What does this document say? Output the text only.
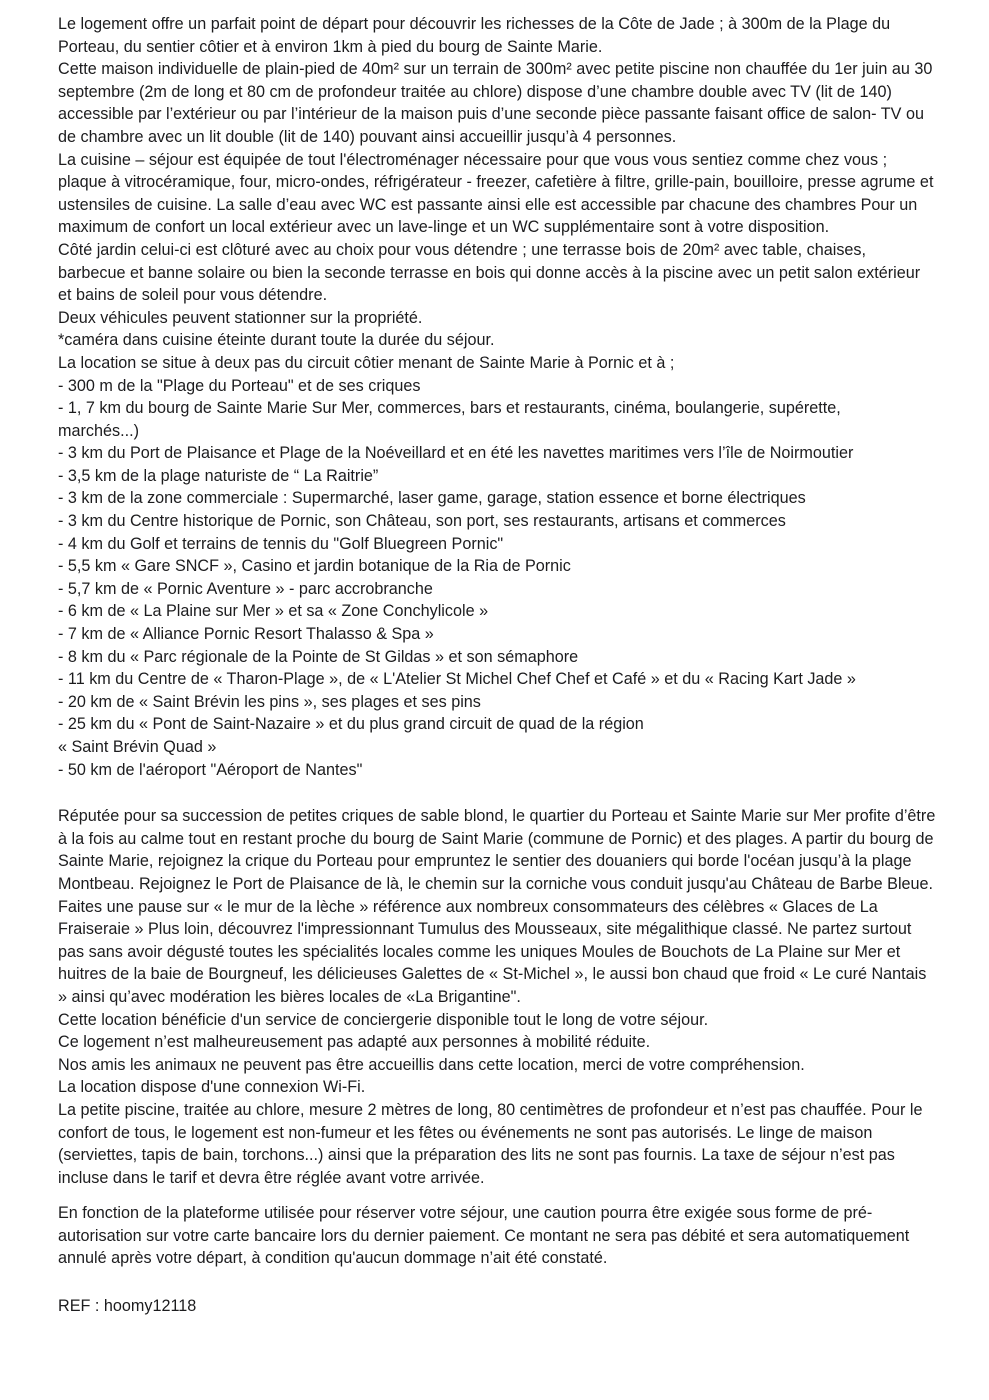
Le logement offre un parfait point de départ pour découvrir les richesses de la Côte de Jade ; à 300m de la Plage du Porteau, du sentier côtier et à environ 1km à pied du bourg de Sainte Marie.

Cette maison individuelle de plain-pied de 40m² sur un terrain de 300m² avec petite piscine non chauffée du 1er juin au 30 septembre (2m de long et 80 cm de profondeur traitée au chlore) dispose d’une chambre double avec TV (lit de 140) accessible par l’extérieur ou par l’intérieur de la maison puis d’une seconde pièce passante faisant office de salon- TV ou de chambre avec un lit double (lit de 140) pouvant ainsi accueillir jusqu’à 4 personnes.

La cuisine – séjour est équipée de tout l'électroménager nécessaire pour que vous vous sentiez comme chez vous ; plaque à vitrocéramique, four, micro-ondes, réfrigérateur - freezer, cafetière à filtre, grille-pain, bouilloire, presse agrume et ustensiles de cuisine. La salle d’eau avec WC est passante ainsi elle est accessible par chacune des chambres Pour un maximum de confort un local extérieur avec un lave-linge et un WC supplémentaire sont à votre disposition.

Côté jardin celui-ci est clôturé avec au choix pour vous détendre ; une terrasse bois de 20m² avec table, chaises, barbecue et banne solaire ou bien la seconde terrasse en bois qui donne accès à la piscine avec un petit salon extérieur et bains de soleil pour vous détendre.

Deux véhicules peuvent stationner sur la propriété.

*caméra dans cuisine éteinte durant toute la durée du séjour.

La location se situe à deux pas du circuit côtier menant de Sainte Marie à Pornic et à ;

- 300 m de la "Plage du Porteau" et de ses criques

- 1, 7 km du bourg de Sainte Marie Sur Mer, commerces, bars et restaurants, cinéma, boulangerie, supérette,

marchés...)

- 3 km du Port de Plaisance et Plage de la Noéveillard et en été les navettes maritimes vers l’île de Noirmoutier

- 3,5 km de la plage naturiste de “ La Raitrie”

- 3 km de la zone commerciale : Supermarché, laser game, garage, station essence et borne électriques

- 3 km du Centre historique de Pornic, son Château, son port, ses restaurants, artisans et commerces

- 4 km du Golf et terrains de tennis du "Golf Bluegreen Pornic"

- 5,5 km « Gare SNCF », Casino et jardin botanique de la Ria de Pornic

- 5,7 km de « Pornic Aventure » - parc accrobranche

- 6 km de « La Plaine sur Mer » et sa « Zone Conchylicole »

- 7 km de « Alliance Pornic Resort Thalasso & Spa »

- 8 km du « Parc régionale de la Pointe de St Gildas » et son sémaphore

- 11 km du Centre de « Tharon-Plage », de « L'Atelier St Michel Chef Chef et Café » et du « Racing Kart Jade »

- 20 km de « Saint Brévin les pins », ses plages et ses pins

- 25 km du « Pont de Saint-Nazaire » et du plus grand circuit de quad de la région

« Saint Brévin Quad »

- 50 km de l'aéroport "Aéroport de Nantes"

Réputée pour sa succession de petites criques de sable blond, le quartier du Porteau et Sainte Marie sur Mer profite d’être à la fois au calme tout en restant proche du bourg de Saint Marie (commune de Pornic) et des plages. A partir du bourg de Sainte Marie, rejoignez la crique du Porteau pour empruntez le sentier des douaniers qui borde l'océan jusqu’à la plage Montbeau. Rejoignez le Port de Plaisance de là, le chemin sur la corniche vous conduit jusqu'au Château de Barbe Bleue. Faites une pause sur « le mur de la lèche » référence aux nombreux consommateurs des célèbres « Glaces de La Fraiseraie » Plus loin, découvrez l'impressionnant Tumulus des Mousseaux, site mégalithique classé. Ne partez surtout pas sans avoir dégusté toutes les spécialités locales comme les uniques Moules de Bouchots de La Plaine sur Mer et huitres de la baie de Bourgneuf, les délicieuses Galettes de « St-Michel », le aussi bon chaud que froid « Le curé Nantais » ainsi qu’avec modération les bières locales de «La Brigantine".

Cette location bénéficie d'un service de conciergerie disponible tout le long de votre séjour.

Ce logement n’est malheureusement pas adapté aux personnes à mobilité réduite.

Nos amis les animaux ne peuvent pas être accueillis dans cette location, merci de votre compréhension.

La location dispose d'une connexion Wi-Fi.

La petite piscine, traitée au chlore, mesure 2 mètres de long, 80 centimètres de profondeur et n’est pas chauffée. Pour le confort de tous, le logement est non-fumeur et les fêtes ou événements ne sont pas autorisés. Le linge de maison (serviettes, tapis de bain, torchons...) ainsi que la préparation des lits ne sont pas fournis. La taxe de séjour n’est pas incluse dans le tarif et devra être réglée avant votre arrivée.

En fonction de la plateforme utilisée pour réserver votre séjour, une caution pourra être exigée sous forme de pré-autorisation sur votre carte bancaire lors du dernier paiement. Ce montant ne sera pas débité et sera automatiquement annulé après votre départ, à condition qu'aucun dommage n’ait été constaté.

REF : hoomy12118
